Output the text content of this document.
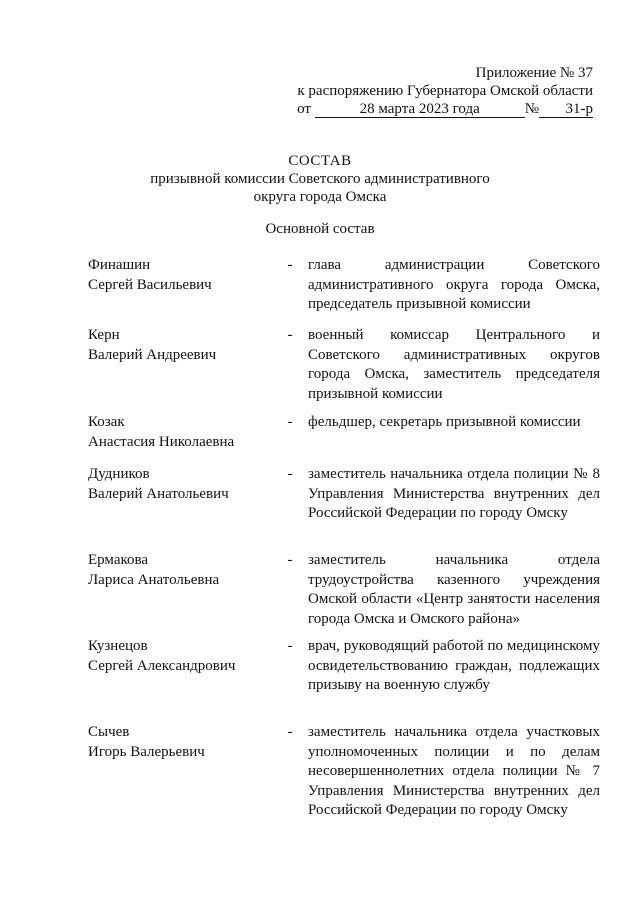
Приложение № 37
к распоряжению Губернатора Омской области
от	28 марта 2023 года	№ 31-р
СОСТАВ
призывной комиссии Советского административного
округа города Омска
Основной состав
Финашин
Сергей Васильевич
- глава администрации Советского административного округа города Омска, председатель призывной комиссии
Керн
Валерий Андреевич
- военный комиссар Центрального и Советского административных округов города Омска, заместитель председателя призывной комиссии
Козак
Анастасия Николаевна
- фельдшер, секретарь призывной комиссии
Дудников
Валерий Анатольевич
- заместитель начальника отдела полиции № 8 Управления Министерства внутренних дел Российской Федерации по городу Омску
Ермакова
Лариса Анатольевна
- заместитель начальника отдела трудоустройства казенного учреждения Омской области «Центр занятости населения города Омска и Омского района»
Кузнецов
Сергей Александрович
- врач, руководящий работой по медицинскому освидетельствованию граждан, подлежащих призыву на военную службу
Сычев
Игорь Валерьевич
- заместитель начальника отдела участковых уполномоченных полиции и по делам несовершеннолетних отдела полиции № 7 Управления Министерства внутренних дел Российской Федерации по городу Омску
